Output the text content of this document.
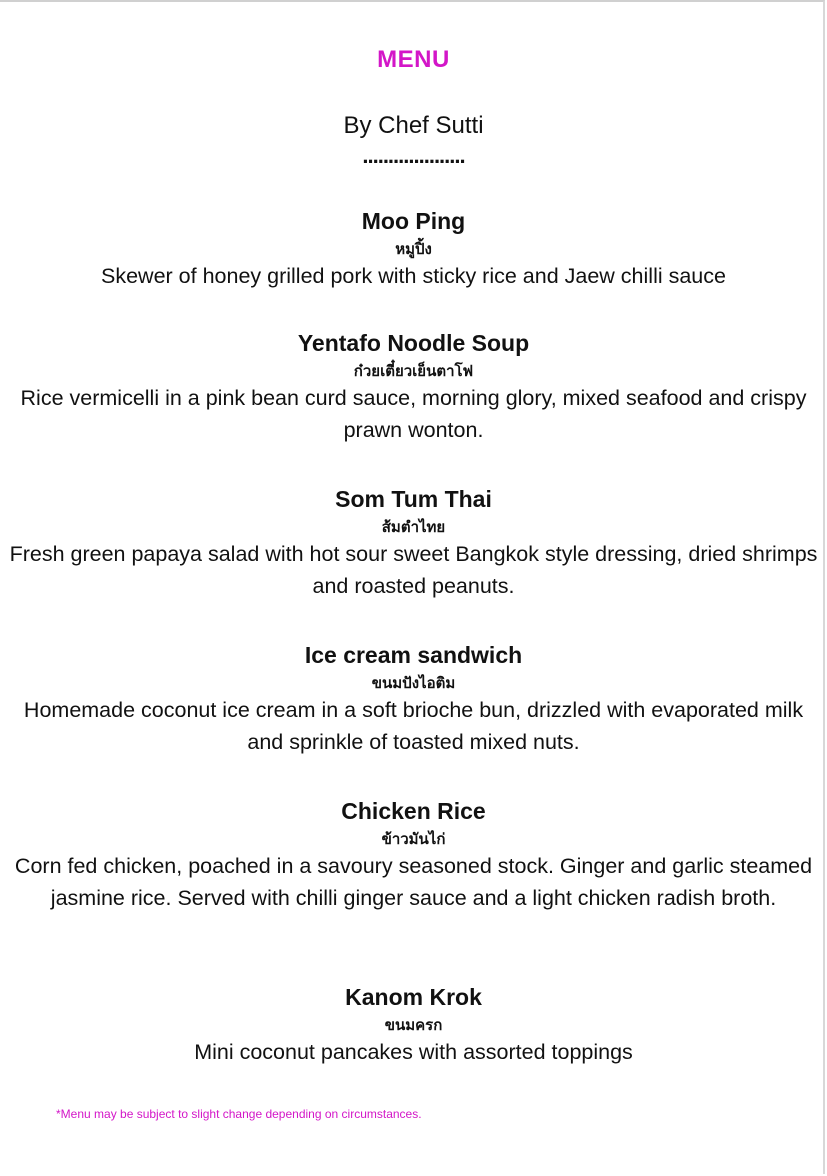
MENU
By Chef Sutti
....................
Moo Ping
หมูปิ้ง
Skewer of honey grilled pork with sticky rice and Jaew chilli sauce
Yentafo Noodle Soup
ก๋วยเตี๋ยวเย็นตาโฟ
Rice vermicelli in a pink bean curd sauce, morning glory, mixed seafood and crispy prawn wonton.
Som Tum Thai
ส้มตำไทย
Fresh green papaya salad with hot sour sweet Bangkok style dressing, dried shrimps and roasted peanuts.
Ice cream sandwich
ขนมปังไอติม
Homemade coconut ice cream in a soft brioche bun, drizzled with evaporated milk and sprinkle of toasted mixed nuts.
Chicken Rice
ข้าวมันไก่
Corn fed chicken, poached in a savoury seasoned stock. Ginger and garlic steamed jasmine rice. Served with chilli ginger sauce and a light chicken radish broth.
Kanom Krok
ขนมครก
Mini coconut pancakes with assorted toppings
*Menu may be subject to slight change depending on circumstances.
